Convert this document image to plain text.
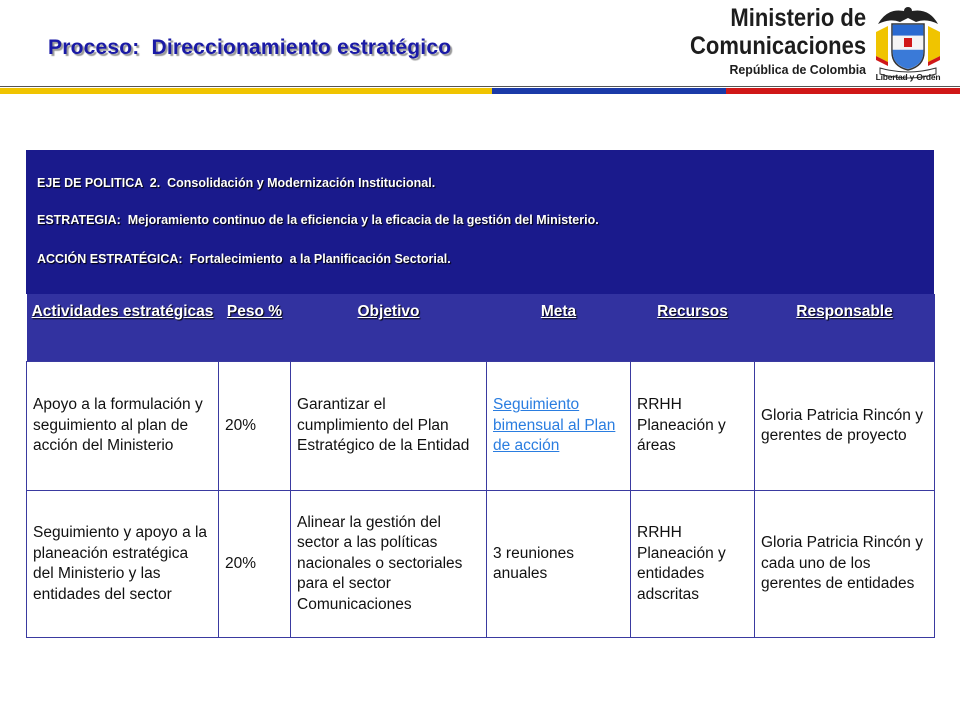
Proceso:  Direccionamiento estratégico
Ministerio de
Comunicaciones
República de Colombia	Libertad y Orden
EJE DE POLITICA  2.  Consolidación y Modernización Institucional.
ESTRATEGIA:  Mejoramiento continuo de la eficiencia y la eficacia de la gestión del Ministerio.
ACCIÓN ESTRATÉGICA:  Fortalecimiento  a la Planificación Sectorial.
Actividades estratégicas	Peso %	Objetivo	Meta	Recursos	Responsable
Apoyo a la formulación y seguimiento al plan de acción del Ministerio	20%	Garantizar el cumplimiento del Plan Estratégico de la Entidad	Seguimiento bimensual al Plan de acción	RRHH Planeación y áreas	Gloria Patricia Rincón y gerentes de proyecto
Seguimiento y apoyo a la planeación estratégica del Ministerio y las entidades del sector	20%	Alinear la gestión del sector a las políticas nacionales o sectoriales para el sector Comunicaciones	3 reuniones anuales	RRHH Planeación y entidades adscritas	Gloria Patricia Rincón y cada uno de los gerentes de entidades
